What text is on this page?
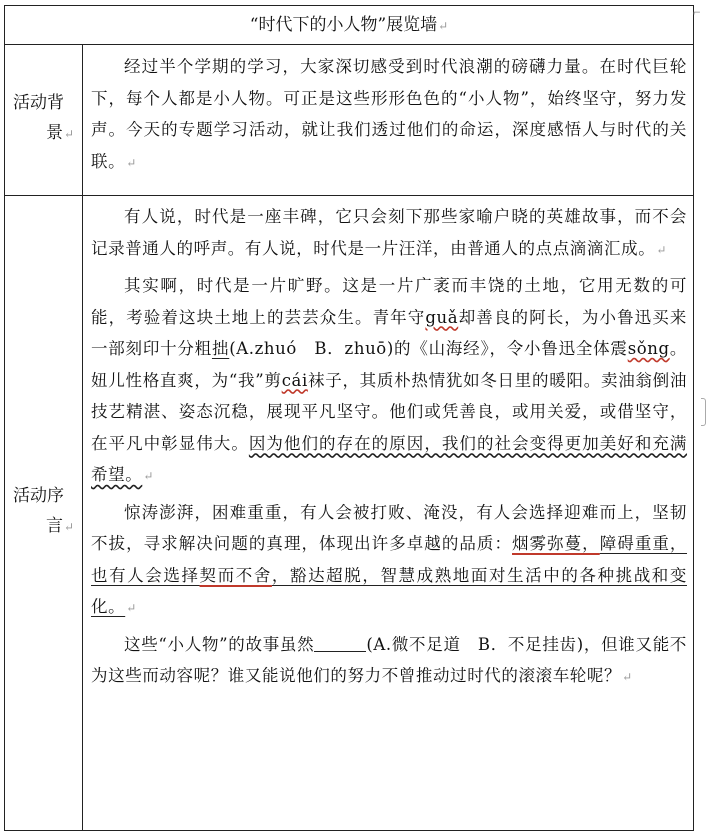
“时代下的小人物”展览墙↵
活动背
景↵

经过半个学期的学习，大家深切感受到时代浪潮的磅礴力量。在时代巨轮下，每个人都是小人物。可正是这些形形色色的“小人物”，始终坚守，努力发声。今天的专题学习活动，就让我们透过他们的命运，深度感悟人与时代的关联。↵

活动序
言↵

有人说，时代是一座丰碑，它只会刻下那些家喻户晓的英雄故事，而不会记录普通人的呼声。有人说，时代是一片汪洋，由普通人的点点滴滴汇成。↵

其实啊，时代是一片旷野。这是一片广袤而丰饶的土地，它用无数的可能，考验着这块土地上的芸芸众生。青年守guǎ却善良的阿长，为小鲁迅买来一部刻印十分粗拙(A.zhuó　B．zhuō)的《山海经》，令小鲁迅全体震sǒng。妞儿性格直爽，为“我”剪cái袜子，其质朴热情犹如冬日里的暖阳。卖油翁倒油技艺精湛、姿态沉稳，展现平凡坚守。他们或凭善良，或用关爱，或借坚守，在平凡中彰显伟大。因为他们的存在的原因，我们的社会变得更加美好和充满希望。↵

惊涛澎湃，困难重重，有人会被打败、淹没，有人会选择迎难而上，坚韧不拔，寻求解决问题的真理，体现出许多卓越的品质：烟雾弥蔓，障碍重重，也有人会选择契而不舍，豁达超脱，智慧成熟地面对生活中的各种挑战和变化。↵

这些“小人物”的故事虽然	(A.微不足道　B．不足挂齿)，但谁又能不为这些而动容呢？谁又能说他们的努力不曾推动过时代的滚滚车轮呢？↵

⌐
